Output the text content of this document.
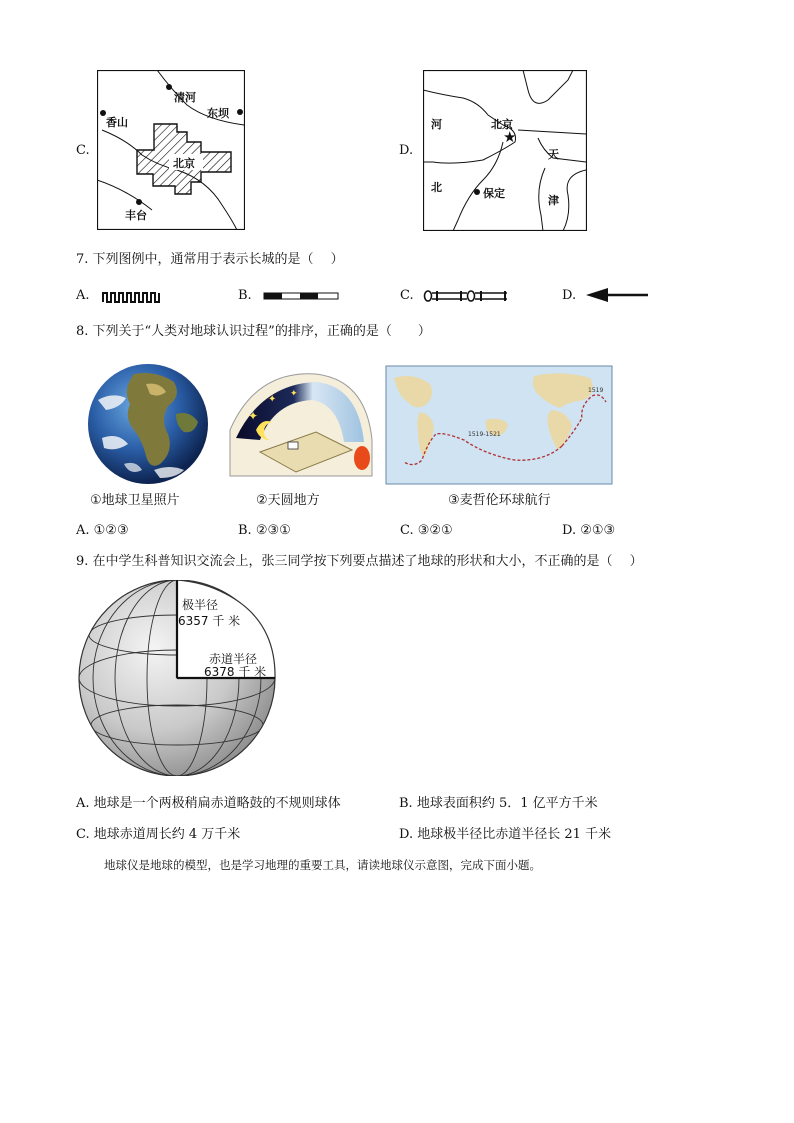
C.
清河
香山
东坝
北京
丰台
D.
河	北京
★
天
北	保定
津
7. 下列图例中，通常用于表示长城的是（　 ）
A.	B.	C.	D.
8. 下列关于“人类对地球认识过程”的排序，正确的是（　　）
①地球卫星照片
✦
✦ ✦
②天圆地方
1519-1521
1519
③麦哲伦环球航行
A. ①②③	B. ②③①	C. ③②①	D. ②①③
9. 在中学生科普知识交流会上，张三同学按下列要点描述了地球的形状和大小，不正确的是（　 ）
极半径
6357 千 米
赤道半径
6378 千 米
A. 地球是一个两极稍扁赤道略鼓的不规则球体	B. 地球表面积约 5．1 亿平方千米
C. 地球赤道周长约 4 万千米	D. 地球极半径比赤道半径长 21 千米
地球仪是地球的模型，也是学习地理的重要工具，请读地球仪示意图，完成下面小题。
